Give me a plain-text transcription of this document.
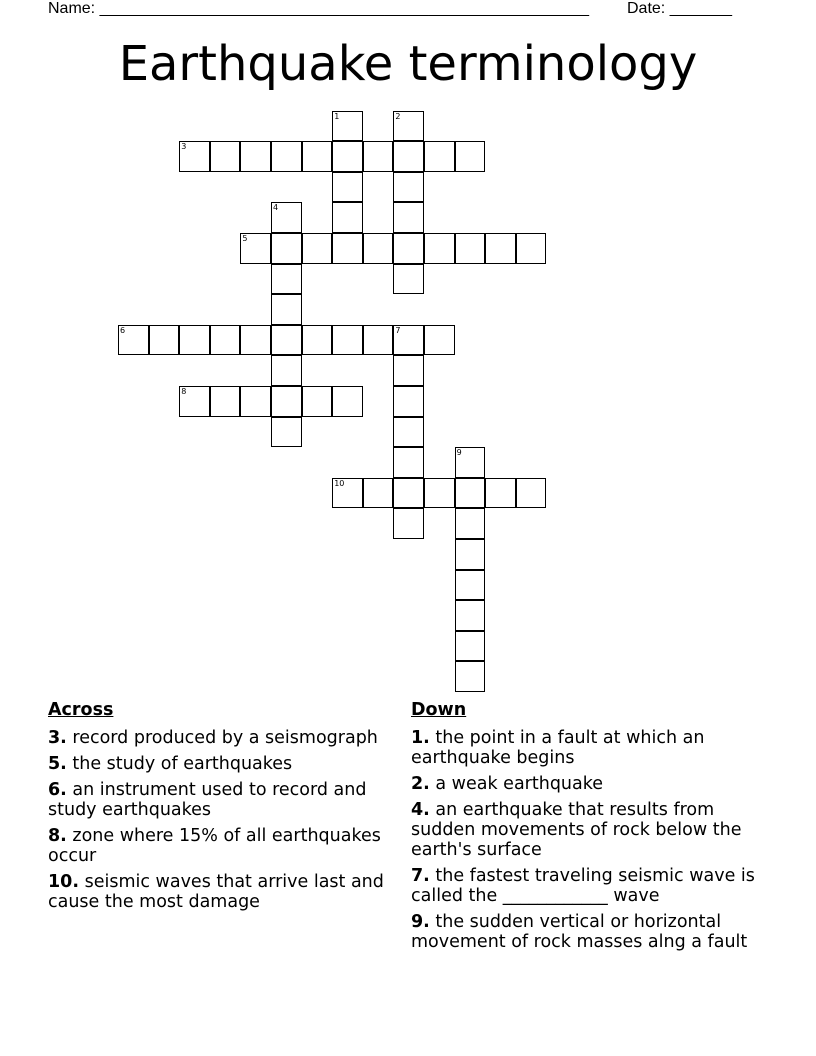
Name: _______________________________________________________ Date: _______
Earthquake terminology
1	2
3
4
5
6	7
8
9
10
Across
3. record produced by a seismograph
5. the study of earthquakes
6. an instrument used to record and study earthquakes
8. zone where 15% of all earthquakes occur
10. seismic waves that arrive last and cause the most damage
Down
1. the point in a fault at which an earthquake begins
2. a weak earthquake
4. an earthquake that results from sudden movements of rock below the earth's surface
7. the fastest traveling seismic wave is called the ____________ wave
9. the sudden vertical or horizontal movement of rock masses alng a fault
